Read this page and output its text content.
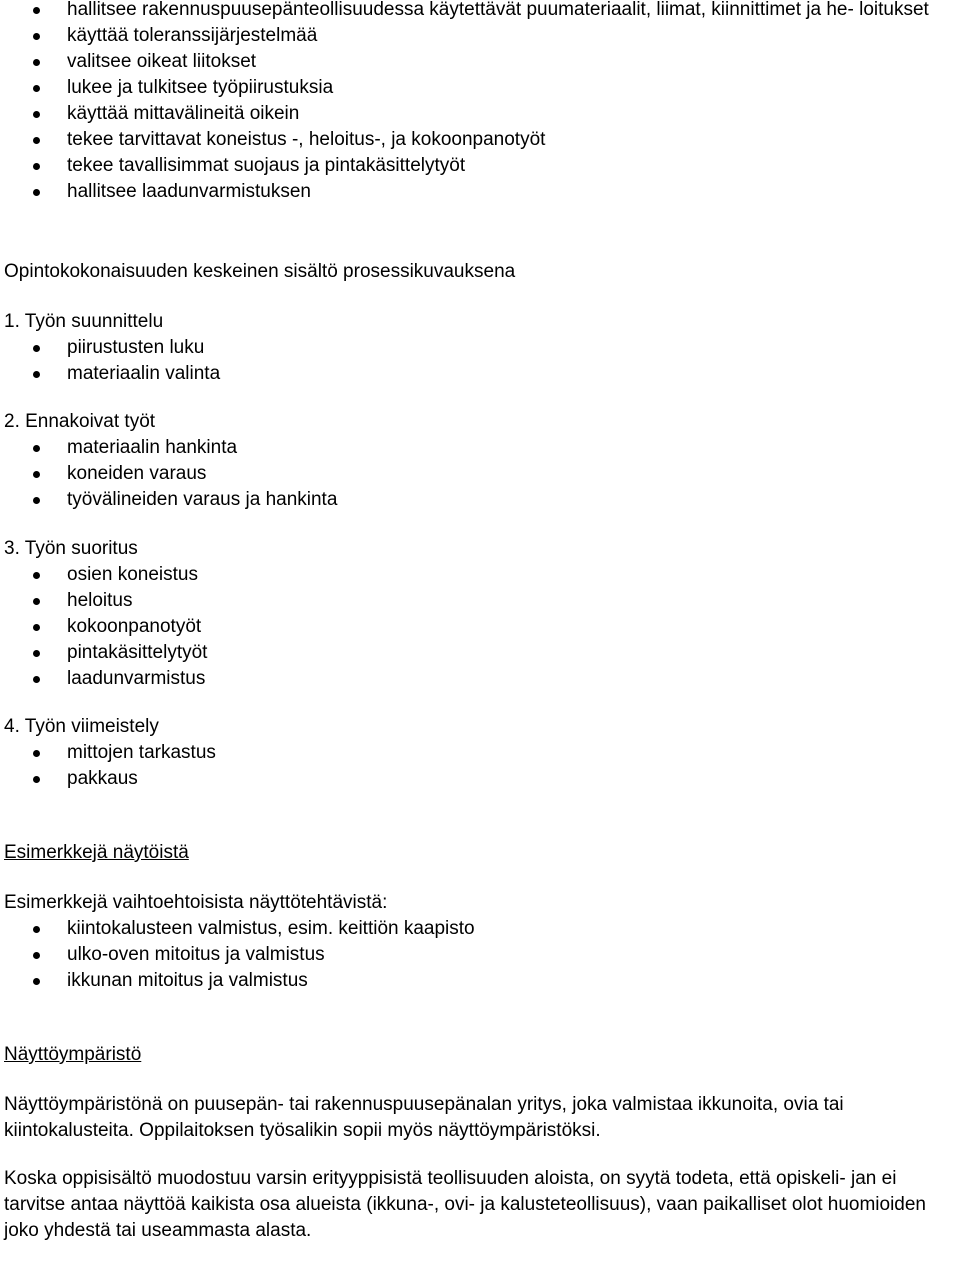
hallitsee rakennuspuusepänteollisuudessa käytettävät puumateriaalit, liimat, kiinnittimet ja he- loitukset
käyttää toleranssijärjestelmää
valitsee oikeat liitokset
lukee ja tulkitsee työpiirustuksia
käyttää mittavälineitä oikein
tekee tarvittavat koneistus -, heloitus-, ja kokoonpanotyöt
tekee tavallisimmat suojaus ja pintakäsittelytyöt
hallitsee laadunvarmistuksen

Opintokokonaisuuden keskeinen sisältö prosessikuvauksena

1. Työn suunnittelu

piirustusten luku
materiaalin valinta

2. Ennakoivat työt

materiaalin hankinta
koneiden varaus
työvälineiden varaus ja hankinta

3. Työn suoritus

osien koneistus
heloitus
kokoonpanotyöt
pintakäsittelytyöt
laadunvarmistus

4. Työn viimeistely

mittojen tarkastus
pakkaus

Esimerkkejä näytöistä

Esimerkkejä vaihtoehtoisista näyttötehtävistä:

kiintokalusteen valmistus, esim. keittiön kaapisto
ulko-oven mitoitus ja valmistus
ikkunan mitoitus ja valmistus

Näyttöympäristö

Näyttöympäristönä on puusepän- tai rakennuspuusepänalan yritys, joka valmistaa ikkunoita, ovia tai kiintokalusteita. Oppilaitoksen työsalikin sopii myös näyttöympäristöksi.

Koska oppisisältö muodostuu varsin erityyppisistä teollisuuden aloista, on syytä todeta, että opiskeli- jan ei tarvitse antaa näyttöä kaikista osa alueista (ikkuna-, ovi- ja kalusteteollisuus), vaan paikalliset olot huomioiden joko yhdestä tai useammasta alasta.
